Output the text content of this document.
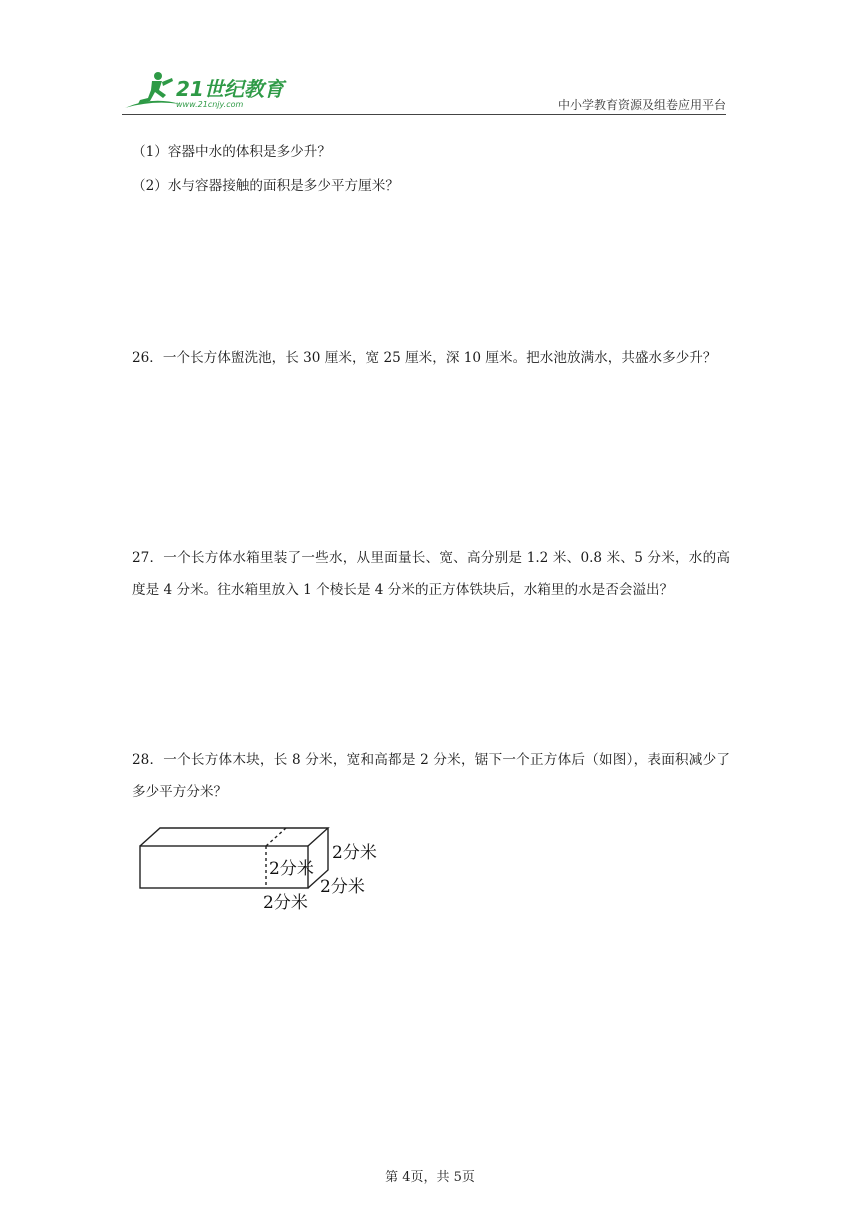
21世纪教育
www.21cnjy.com	中小学教育资源及组卷应用平台
（1）容器中水的体积是多少升？
（2）水与容器接触的面积是多少平方厘米？
26．一个长方体盥洗池，长 30 厘米，宽 25 厘米，深 10 厘米。把水池放满水，共盛水多少升？
27．一个长方体水箱里装了一些水，从里面量长、宽、高分别是 1.2 米、0.8 米、5 分米，水的高度是 4 分米。往水箱里放入 1 个棱长是 4 分米的正方体铁块后，水箱里的水是否会溢出？
28．一个长方体木块，长 8 分米，宽和高都是 2 分米，锯下一个正方体后（如图），表面积减少了多少平方分米？
2分米
2分米
2分米
2分米
第 4页，共 5页
